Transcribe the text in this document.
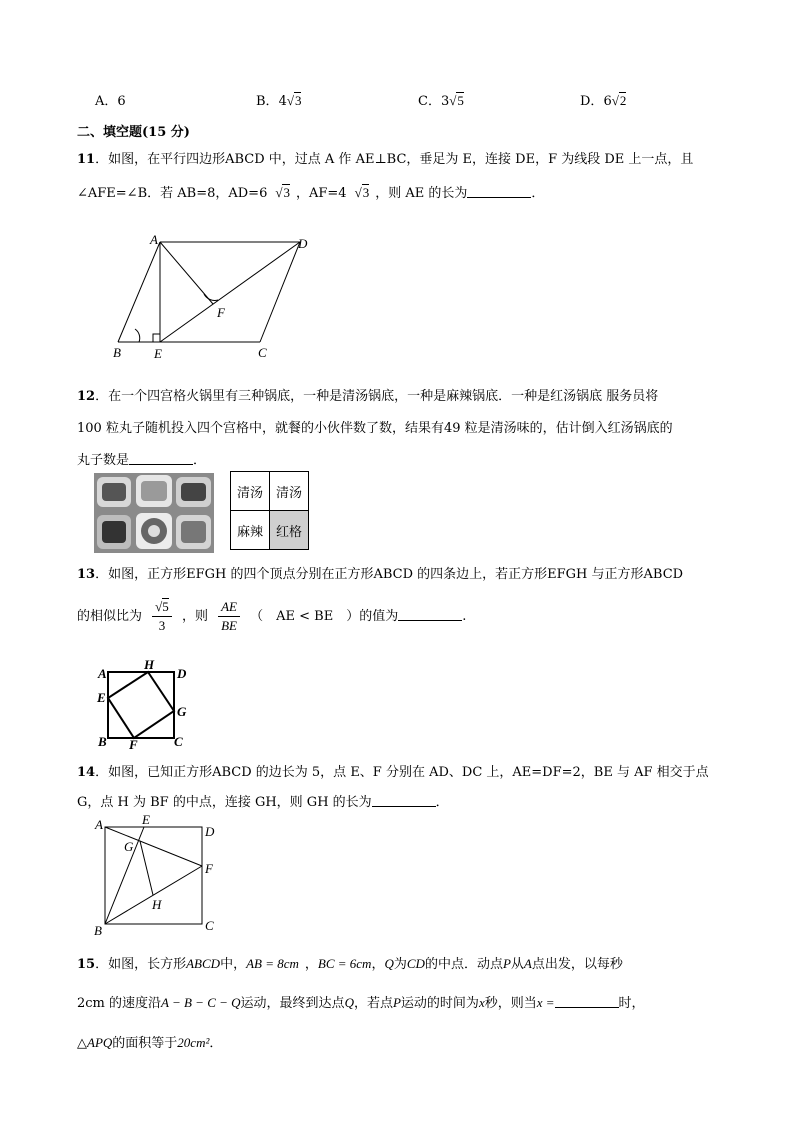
A．6	B．4√3	C．3√5	D．6√2
二、填空题(15 分)
11．如图，在平行四边形ABCD 中，过点 A 作 AE⊥BC，垂足为 E，连接 DE，F 为线段 DE 上一点，且
∠AFE=∠B．若 AB=8，AD=6 √3 ，AF=4 √3 ，则 AE 的长为	．
A	D
F
B	E	C
12．在一个四宫格火锅里有三种锅底，一种是清汤锅底，一种是麻辣锅底．一种是红汤锅底 服务员将
100 粒丸子随机投入四个宫格中，就餐的小伙伴数了数，结果有49 粒是清汤味的，估计倒入红汤锅底的
丸子数是	．
清汤	清汤
麻辣	红格
13．如图，正方形EFGH 的四个顶点分别在正方形ABCD 的四条边上，若正方形EFGH 与正方形ABCD
的相似比为 $\frac{√5}{3}$ ，则 $\frac{AE}{BE}$ （　AE < BE　）的值为	.
A
H
D
E
G
B F	C
14．如图，已知正方形ABCD 的边长为 5，点 E、F 分别在 AD、DC 上，AE=DF=2，BE 与 AF 相交于点
G，点 H 为 BF 的中点，连接 GH，则 GH 的长为	．
A	E
D
G
F
H
B	C
15．如图，长方形ABCD中，AB = 8cm ，BC = 6cm，Q为CD的中点．动点P从A点出发，以每秒
2cm 的速度沿A − B − C − Q运动，最终到达点Q，若点P运动的时间为x秒，则当x =	时，
△APQ的面积等于20cm²．
